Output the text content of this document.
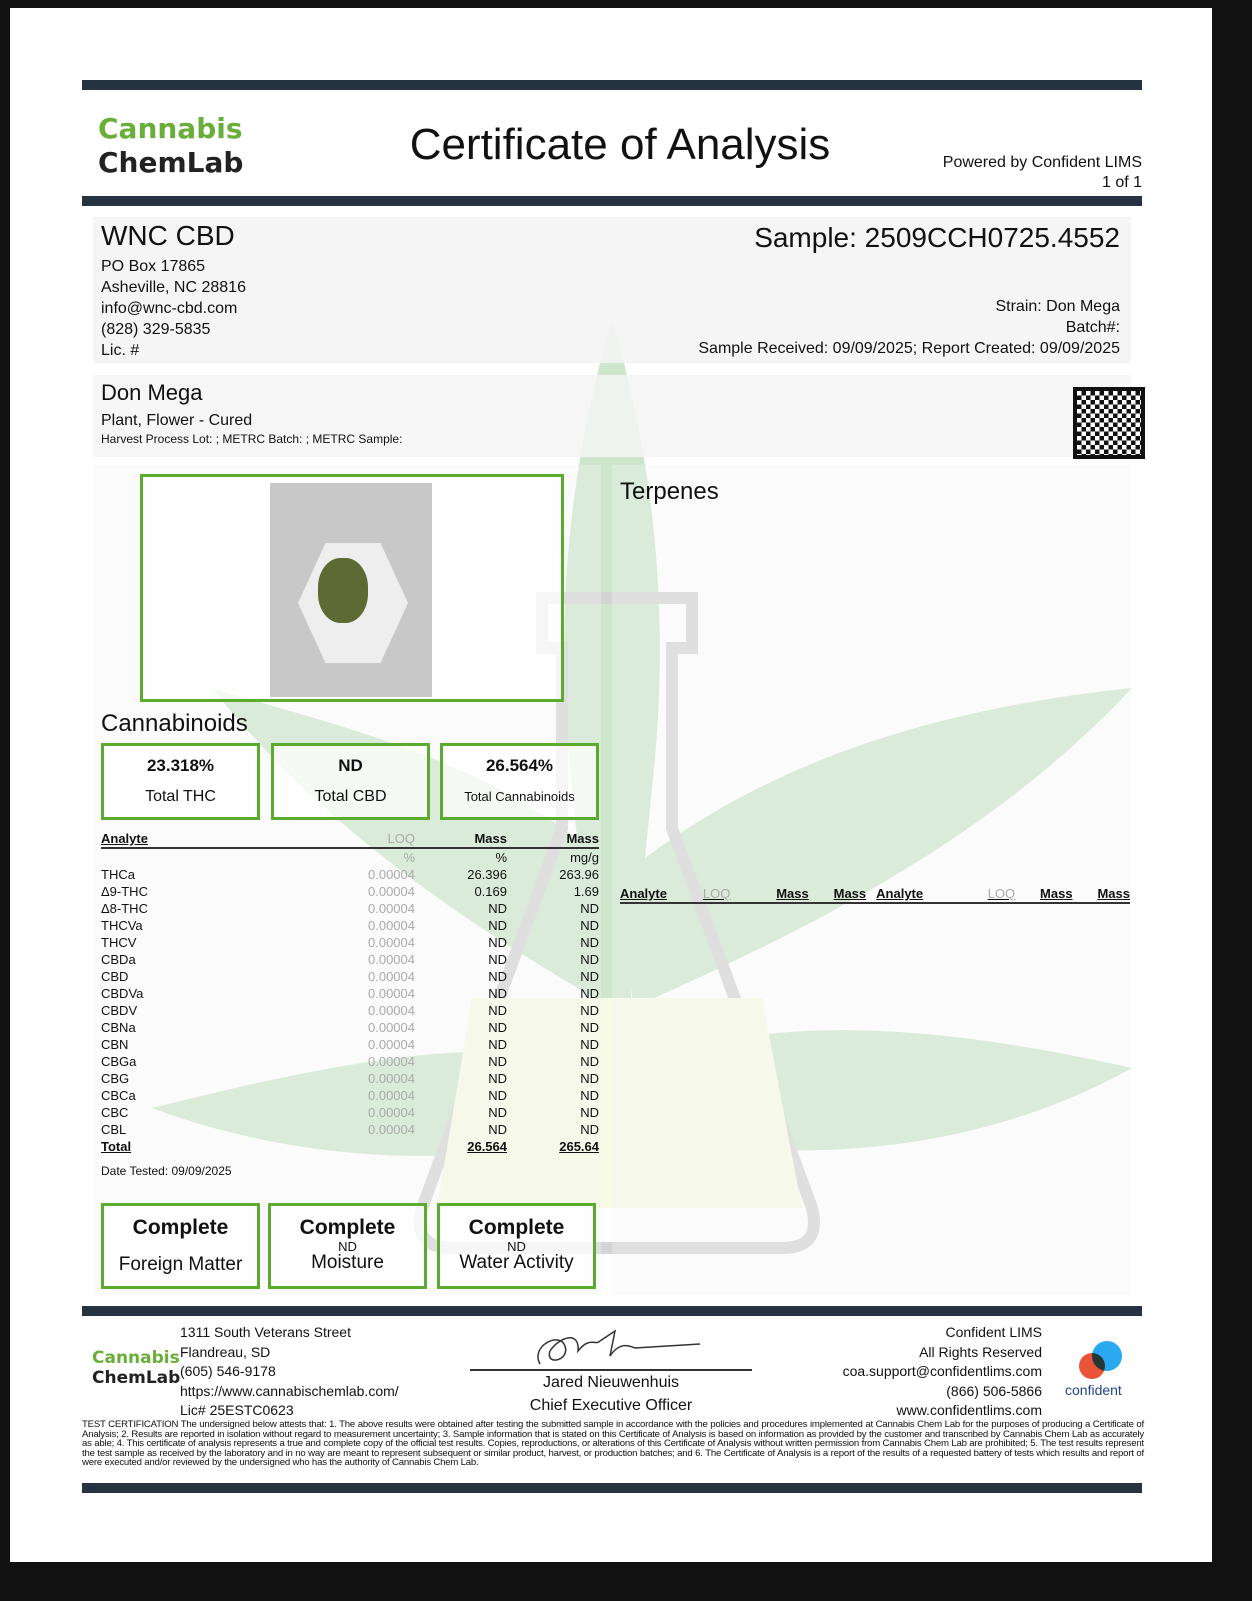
Cannabis
ChemLab	Certificate of Analysis	Powered by Confident LIMS
1 of 1
WNC CBD
PO Box 17865
Asheville, NC 28816
info@wnc-cbd.com
(828) 329-5835
Lic. #
Sample: 2509CCH0725.4552
Strain: Don Mega
Batch#:
Sample Received: 09/09/2025; Report Created: 09/09/2025
Don Mega
Plant, Flower - Cured
Harvest Process Lot: ; METRC Batch: ; METRC Sample:
Cannabinoids
23.318%
Total THC
ND
Total CBD
26.564%
Total Cannabinoids
Analyte	LOQ	Mass	Mass
	%	%	mg/g
THCa	0.00004	26.396	263.96
Δ9-THC	0.00004	0.169	1.69
Δ8-THC	0.00004	ND	ND
THCVa	0.00004	ND	ND
THCV	0.00004	ND	ND
CBDa	0.00004	ND	ND
CBD	0.00004	ND	ND
CBDVa	0.00004	ND	ND
CBDV	0.00004	ND	ND
CBNa	0.00004	ND	ND
CBN	0.00004	ND	ND
CBGa	0.00004	ND	ND
CBG	0.00004	ND	ND
CBCa	0.00004	ND	ND
CBC	0.00004	ND	ND
CBL	0.00004	ND	ND
Total		26.564	265.64
Date Tested: 09/09/2025
Complete
Foreign Matter
Complete
ND
Moisture
Complete
ND
Water Activity
Terpenes
Analyte	LOQ	Mass	Mass	Analyte	LOQ	Mass	Mass
Cannabis
ChemLab
1311 South Veterans Street
Flandreau, SD
(605) 546-9178
https://www.cannabischemlab.com/
Lic# 25ESTC0623
Jared Nieuwenhuis
Chief Executive Officer
Confident LIMS
All Rights Reserved
coa.support@confidentlims.com
(866) 506-5866
www.confidentlims.com
confident
TEST CERTIFICATION The undersigned below attests that: 1. The above results were obtained after testing the submitted sample in accordance with the policies and procedures implemented at Cannabis Chem Lab for the purposes of producing a Certificate of Analysis; 2. Results are reported in isolation without regard to measurement uncertainty; 3. Sample information that is stated on this Certificate of Analysis is based on information as provided by the customer and transcribed by Cannabis Chem Lab as accurately as able; 4. This certificate of analysis represents a true and complete copy of the official test results. Copies, reproductions, or alterations of this Certificate of Analysis without written permission from Cannabis Chem Lab are prohibited; 5. The test results represent the test sample as received by the laboratory and in no way are meant to represent subsequent or similar product, harvest, or production batches; and 6. The Certificate of Analysis is a report of the results of a requested battery of tests which results and report of were executed and/or reviewed by the undersigned who has the authority of Cannabis Chem Lab.
